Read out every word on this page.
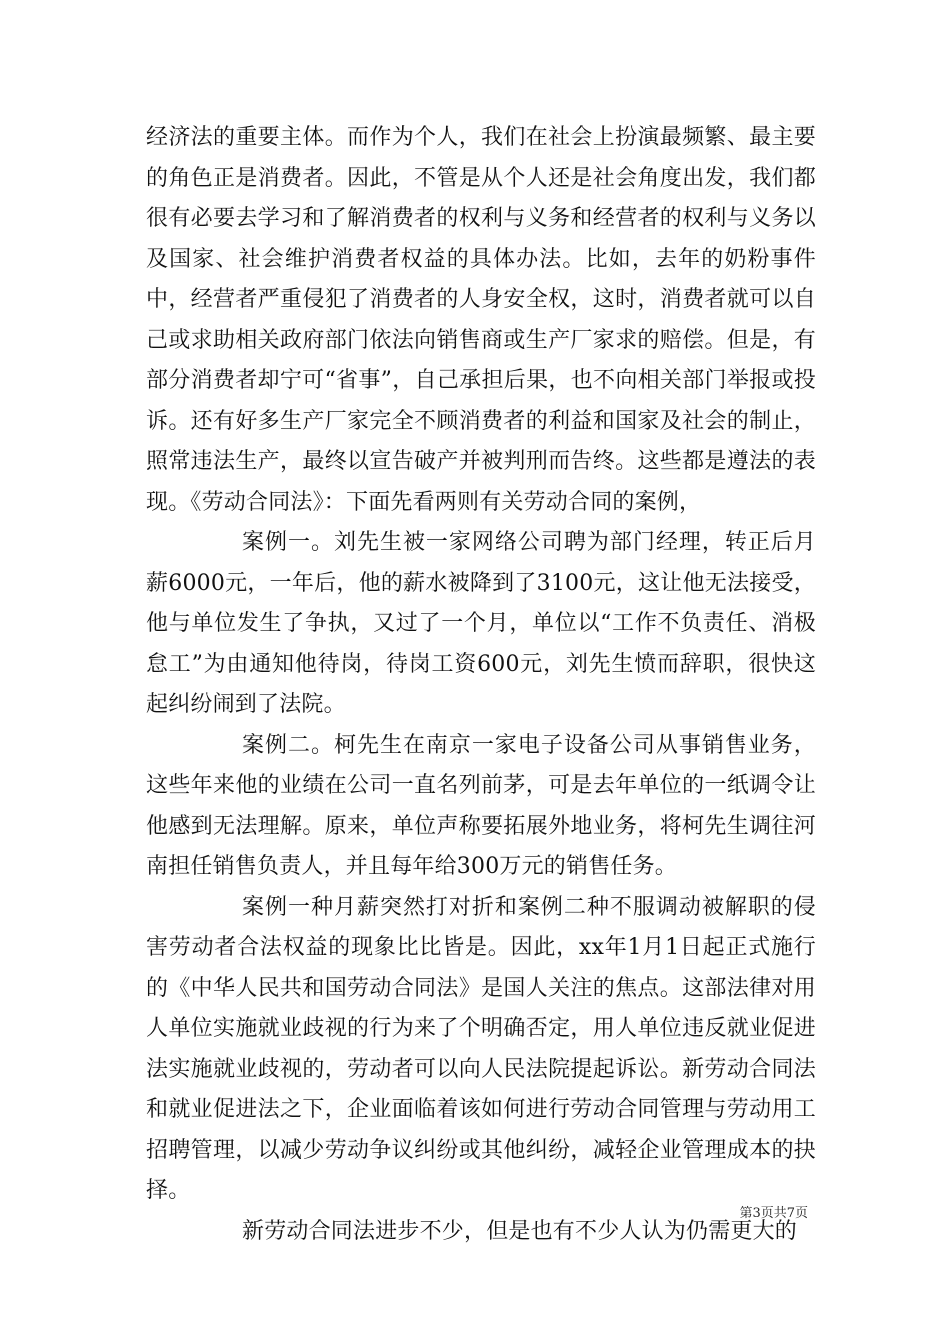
经济法的重要主体。而作为个人，我们在社会上扮演最频繁、最主要的角色正是消费者。因此，不管是从个人还是社会角度出发，我们都很有必要去学习和了解消费者的权利与义务和经营者的权利与义务以及国家、社会维护消费者权益的具体办法。比如，去年的奶粉事件中，经营者严重侵犯了消费者的人身安全权，这时，消费者就可以自己或求助相关政府部门依法向销售商或生产厂家求的赔偿。但是，有部分消费者却宁可“省事”，自己承担后果，也不向相关部门举报或投诉。还有好多生产厂家完全不顾消费者的利益和国家及社会的制止，照常违法生产，最终以宣告破产并被判刑而告终。这些都是遵法的表现。《劳动合同法》：下面先看两则有关劳动合同的案例，

案例一。刘先生被一家网络公司聘为部门经理，转正后月薪6000元，一年后，他的薪水被降到了3100元，这让他无法接受，他与单位发生了争执，又过了一个月，单位以“工作不负责任、消极怠工”为由通知他待岗，待岗工资600元，刘先生愤而辞职，很快这起纠纷闹到了法院。

案例二。柯先生在南京一家电子设备公司从事销售业务，这些年来他的业绩在公司一直名列前茅，可是去年单位的一纸调令让他感到无法理解。原来，单位声称要拓展外地业务，将柯先生调往河南担任销售负责人，并且每年给300万元的销售任务。

案例一种月薪突然打对折和案例二种不服调动被解职的侵害劳动者合法权益的现象比比皆是。因此，xx年1月1日起正式施行的《中华人民共和国劳动合同法》是国人关注的焦点。这部法律对用人单位实施就业歧视的行为来了个明确否定，用人单位违反就业促进法实施就业歧视的，劳动者可以向人民法院提起诉讼。新劳动合同法和就业促进法之下，企业面临着该如何进行劳动合同管理与劳动用工招聘管理，以减少劳动争议纠纷或其他纠纷，减轻企业管理成本的抉择。

新劳动合同法进步不少，但是也有不少人认为仍需更大的

第3页共7页
